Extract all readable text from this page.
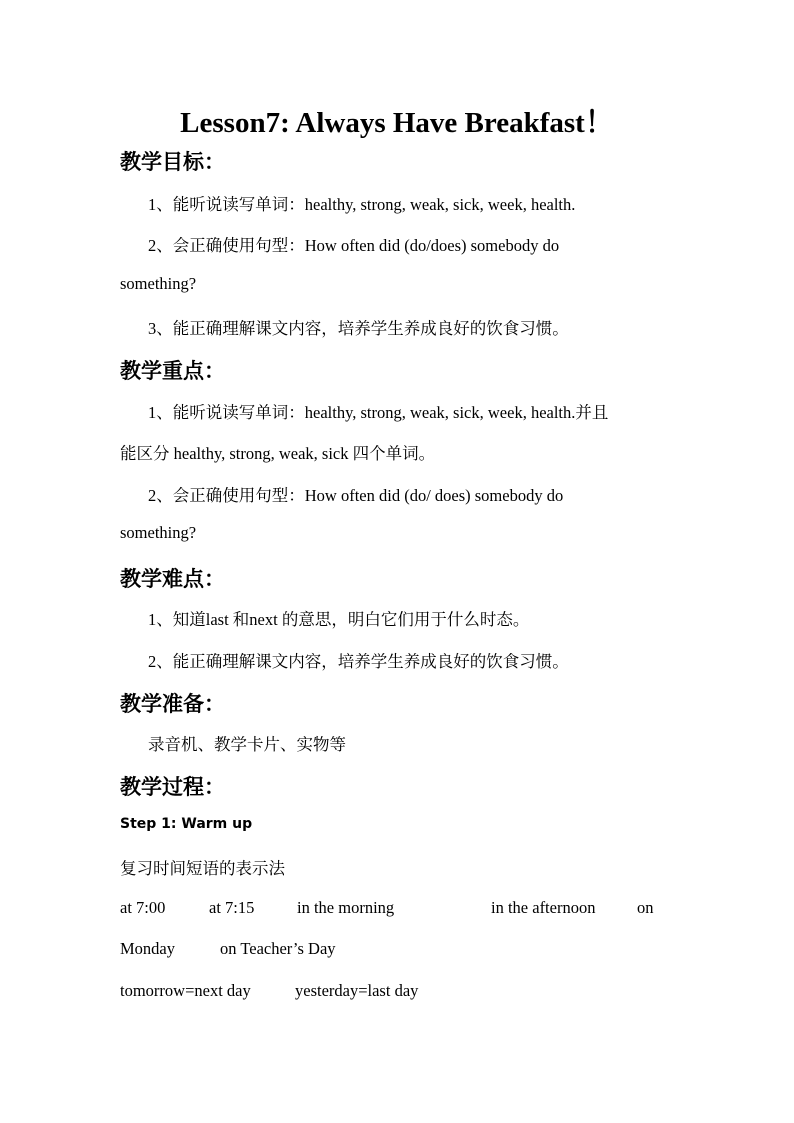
Lesson7: Always Have Breakfast！
教学目标：
1、能听说读写单词：healthy, strong, weak, sick, week, health.
2、会正确使用句型：How often did (do/does) somebody do
something?
3、能正确理解课文内容，培养学生养成良好的饮食习惯。
教学重点：
1、能听说读写单词：healthy, strong, weak, sick, week, health.并且
能区分 healthy, strong, weak, sick 四个单词。
2、会正确使用句型：How often did (do/ does) somebody do
something?
教学难点：
1、知道last 和next 的意思，明白它们用于什么时态。
2、能正确理解课文内容，培养学生养成良好的饮食习惯。
教学准备：
录音机、教学卡片、实物等
教学过程：
Step 1: Warm up
复习时间短语的表示法
at 7:00	at 7:15	in the morning	in the afternoon	on
Monday	on Teacher’s Day
tomorrow=next day	yesterday=last day
